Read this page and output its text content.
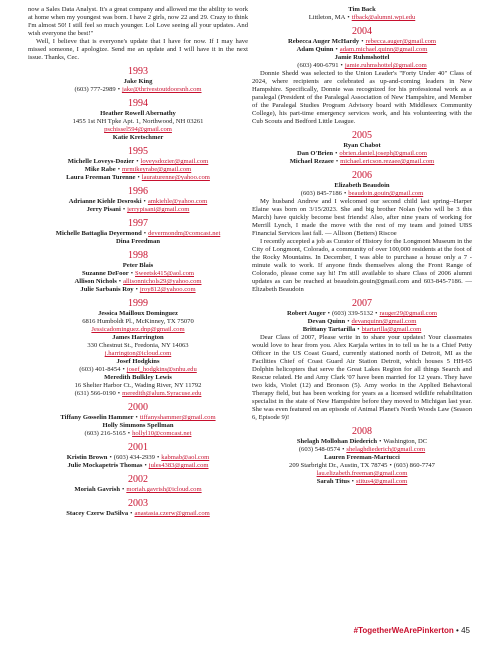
now a Sales Data Analyst. It's a great company and allowed me the ability to work at home when my youngest was born. I have 2 girls, now 22 and 29. Crazy to think I'm almost 50! I still feel so much younger. Lol Love seeing all your updates. And wish everyone the best!"

Well, I believe that is everyone's update that I have for now. If I may have missed someone, I apologize. Send me an update and I will have it in the next issue. Thanks, Cec.

1993
Jake King
(603) 777-2989 • jake@thrivestoutdoorsnh.com
1994
Heather Rowell Abernathy
1455 1st NH Tpke Apt. 1, Northwood, NH 03261
pschissel594@gmail.com
Katie Kretschmer
1995
Michelle Loveys-Dozier • loveysdozier@gmail.com
Mike Rabe • mrmikeyrabe@gmail.com
Laura Freeman Turenne • lauraturenne@yahoo.com
1996
Adrianne Kiehle Desroski • amkiehle@yahoo.com
Jerry Pisani • jerrypisani@gmail.com
1997
Michelle Battaglia Deyermond • devermondm@comcast.net
Dina Freedman
1998
Peter Blais
Suzanne DeFoor • Sweetsk415@aol.com
Allison Nichols • allisonnichols29@yahoo.com
Julie Sarbanis Roy • jroy812@yahoo.com
1999
Jessica Mailloux Dominguez
6816 Humboldt Pl., McKinney, TX 75070
Jessicadominguez.dnp@gmail.com
James Harrington
330 Chestnut St., Fredonia, NY 14063
j.harrington@icloud.com
Josef Hodgkins
(603) 401-8454 • josef_hodgkins@snhu.edu
Meredith Bulkley Lewis
16 Shelter Harbor Ct., Wading River, NY 11792
(631) 566-0190 • meredith@alum.Syracuse.edu
2000
Tiffany Gosselin Hammer • tiffanyshammer@gmail.com
Holly Simmons Spellman
(603) 216-5165 • hollyl10@comcast.net
2001
Kristin Brown • (603) 434-2939 • kabmab@aol.com
Julie Mockapetris Thomas • jules4383@gmail.com
2002
Moriah Gavrish • moriah.gavrish@icloud.com
2003
Stacey Czerw DaSilva • anastasia.czerw@gmail.com
Tim Back
Littleton, MA • tfback@alumni.wpi.edu
2004
Rebecca Auger McHardy • rebecca.auger@gmail.com
Adam Quinn • adam.michael.quinn@gmail.com
Jamie Ruhmshottel
(603) 490-6791 • jamie.ruhmshottel@gmail.com

Donnie Shedd was selected to the Union Leader's "Forty Under 40" Class of 2024, where recipients are celebrated as up-and-coming leaders in New Hampshire. Specifically, Donnie was recognized for his professional work as a paralegal (President of the Paralegal Association of New Hampshire, and Member of the Paralegal Studies Program Advisory board with Middlesex Community College), his part-time emergency services work, and his volunteering with the Cub Scouts and Bedford Little League.

2005
Ryan Chabot
Dan O'Brien • obrien.daniel.joseph@gmail.com
Michael Rezaee • michael.ericson.rezaee@gmail.com
2006
Elizabeth Beaudoin
(603) 845-7186 • beaudoin.gouin@gmail.com

My husband Andrew and I welcomed our second child last spring--Harper Elaine was born on 3/15/2023. She and big brother Nolan (who will be 3 this March) have quickly become best friends! Also, after nine years of working for Merrill Lynch, I made the move with the rest of my team and joined UBS Financial Services last fall. — Allison (Betters) Riscoe

I recently accepted a job as Curator of History for the Longmont Museum in the City of Longmont, Colorado, a community of over 100,000 residents at the foot of the Rocky Mountains. In December, I was able to purchase a house only a 7 - minute walk to work. If anyone finds themselves along the Front Range of Colorado, please come say hi! I'm still available to share Class of 2006 alumni updates as can be reached at beaudoin.gouin@gmail.com and 603-845-7186. — Elizabeth Beaudoin

2007
Robert Auger • (603) 339-5132 • rauger29@gmail.com
Devan Quinn • devanquinn@gmail.com
Brittany Tartarilla • btartarilla@gmail.com

Dear Class of 2007, Please write in to share your updates! Your classmates would love to hear from you. Alex Karjala writes in to tell us he is a Chief Petty Officer in the US Coast Guard, currently stationed north of Detroit, MI as the Facilities Chief of Coast Guard Air Station Detroit, which houses 5 HH-65 Dolphin helicopters that serve the Great Lakes Region for all things Search and Rescue related. He and Amy Clark '07 have been married for 12 years. They have two kids, Violet (12) and Bronson (5). Amy works in the Applied Behavioral Therapy field, but has been working for years as a licensed wildlife rehabilitation specialist in the state of New Hampshire before they moved to Michigan last year. She was even featured on an episode of Animal Planet's North Woods Law (Season 6, Episode 9)!

2008
Shelagh Mollohan Diederich • Washington, DC
(603) 548-0574 • shelaghdiederich@gmail.com
Lauren Freeman-Martucci
209 Starbright Dr., Austin, TX 78745 • (603) 860-7747
lau.elizabeth.freeman@gmail.com
Sarah Titus • stitus4@gmail.com
#TogetherWeArePinkerton • 45
